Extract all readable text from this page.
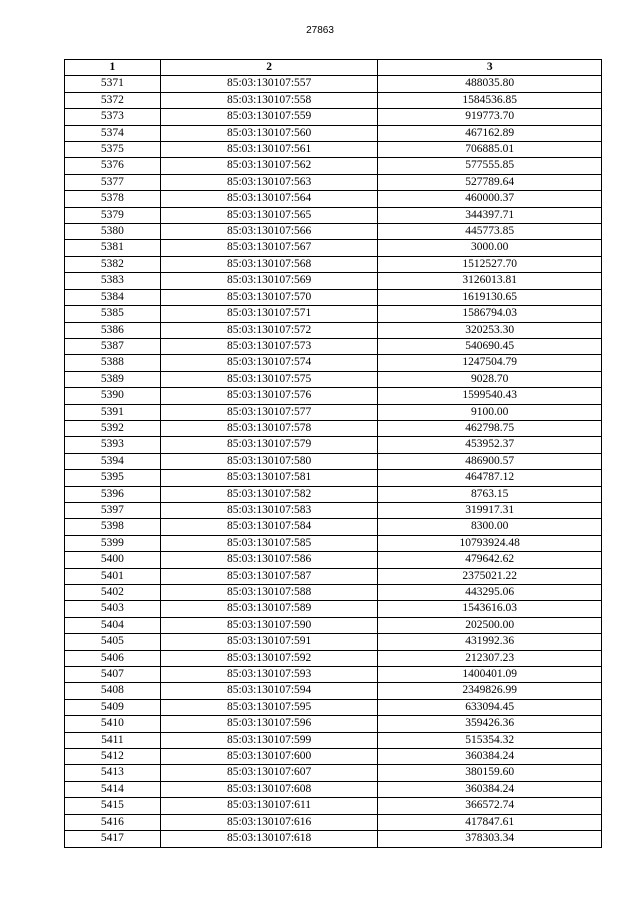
27863
1	2	3
5371	85:03:130107:557	488035.80
5372	85:03:130107:558	1584536.85
5373	85:03:130107:559	919773.70
5374	85:03:130107:560	467162.89
5375	85:03:130107:561	706885.01
5376	85:03:130107:562	577555.85
5377	85:03:130107:563	527789.64
5378	85:03:130107:564	460000.37
5379	85:03:130107:565	344397.71
5380	85:03:130107:566	445773.85
5381	85:03:130107:567	3000.00
5382	85:03:130107:568	1512527.70
5383	85:03:130107:569	3126013.81
5384	85:03:130107:570	1619130.65
5385	85:03:130107:571	1586794.03
5386	85:03:130107:572	320253.30
5387	85:03:130107:573	540690.45
5388	85:03:130107:574	1247504.79
5389	85:03:130107:575	9028.70
5390	85:03:130107:576	1599540.43
5391	85:03:130107:577	9100.00
5392	85:03:130107:578	462798.75
5393	85:03:130107:579	453952.37
5394	85:03:130107:580	486900.57
5395	85:03:130107:581	464787.12
5396	85:03:130107:582	8763.15
5397	85:03:130107:583	319917.31
5398	85:03:130107:584	8300.00
5399	85:03:130107:585	10793924.48
5400	85:03:130107:586	479642.62
5401	85:03:130107:587	2375021.22
5402	85:03:130107:588	443295.06
5403	85:03:130107:589	1543616.03
5404	85:03:130107:590	202500.00
5405	85:03:130107:591	431992.36
5406	85:03:130107:592	212307.23
5407	85:03:130107:593	1400401.09
5408	85:03:130107:594	2349826.99
5409	85:03:130107:595	633094.45
5410	85:03:130107:596	359426.36
5411	85:03:130107:599	515354.32
5412	85:03:130107:600	360384.24
5413	85:03:130107:607	380159.60
5414	85:03:130107:608	360384.24
5415	85:03:130107:611	366572.74
5416	85:03:130107:616	417847.61
5417	85:03:130107:618	378303.34
